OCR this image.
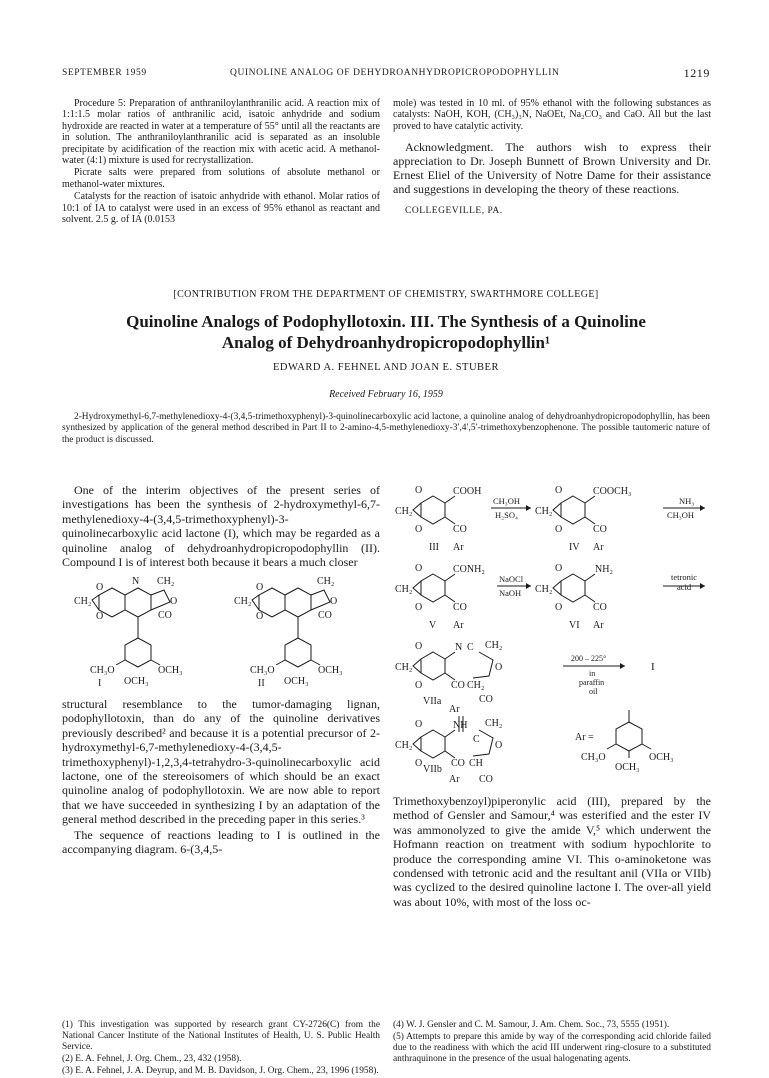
SEPTEMBER 1959	QUINOLINE ANALOG OF DEHYDROANHYDROPICROPODOPHYLLIN	1219

Procedure 5: Preparation of anthraniloylanthranilic acid. A reaction mix of 1:1:1.5 molar ratios of anthranilic acid, isatoic anhydride and sodium hydroxide are reacted in water at a temperature of 55° until all the reactants are in solution. The anthraniloylanthranilic acid is separated as an insoluble precipitate by acidification of the reaction mix with acetic acid. A methanol-water (4:1) mixture is used for recrystallization.

Picrate salts were prepared from solutions of absolute methanol or methanol-water mixtures.

Catalysts for the reaction of isatoic anhydride with ethanol. Molar ratios of 10:1 of IA to catalyst were used in an excess of 95% ethanol as reactant and solvent. 2.5 g. of IA (0.0153

mole) was tested in 10 ml. of 95% ethanol with the following substances as catalysts: NaOH, KOH, (CH₃)₃N, NaOEt, Na₂CO₃ and CaO. All but the last proved to have catalytic activity.

Acknowledgment. The authors wish to express their appreciation to Dr. Joseph Bunnett of Brown University and Dr. Ernest Eliel of the University of Notre Dame for their assistance and suggestions in developing the theory of these reactions.

COLLEGEVILLE, PA.

[CONTRIBUTION FROM THE DEPARTMENT OF CHEMISTRY, SWARTHMORE COLLEGE]
Quinoline Analogs of Podophyllotoxin. III. The Synthesis of a Quinoline
Analog of Dehydroanhydropicropodophyllin¹
EDWARD A. FEHNEL AND JOAN E. STUBER
Received February 16, 1959
2-Hydroxymethyl-6,7-methylenedioxy-4-(3,4,5-trimethoxyphenyl)-3-quinolinecarboxylic acid lactone, a quinoline analog of dehydroanhydropicropodophyllin, has been synthesized by application of the general method described in Part II to 2-amino-4,5-methylenedioxy-3′,4′,5′-trimethoxybenzophenone. The possible tautomeric nature of the product is discussed.

One of the interim objectives of the present series of investigations has been the synthesis of 2-hydroxymethyl-6,7-methylenedioxy-4-(3,4,5-trimethoxyphenyl)-3-quinolinecarboxylic acid lactone (I), which may be regarded as a quinoline analog of dehydroanhydropicropodophyllin (II). Compound I is of interest both because it bears a much closer

O
CH₂
O
N CH₂
O
CO
CH₃O	OCH₃
OCH₃
I
O
CH₂
O
CH₂
O
CO
CH₃O	OCH₃
OCH₃
II

structural resemblance to the tumor-damaging lignan, podophyllotoxin, than do any of the quinoline derivatives previously described² and because it is a potential precursor of 2-hydroxymethyl-6,7-methylenedioxy-4-(3,4,5-trimethoxyphenyl)-1,2,3,4-tetrahydro-3-quinolinecarboxylic acid lactone, one of the stereoisomers of which should be an exact quinoline analog of podophyllotoxin. We are now able to report that we have succeeded in synthesizing I by an adaptation of the general method described in the preceding paper in this series.³

The sequence of reactions leading to I is outlined in the accompanying diagram. 6-(3,4,5-

O
CH₂
O
COOH
CO
Ar
III
CH₃OH
H₂SO₄
O
CH₂
O
COOCH₃
CO
Ar
IV
NH₃
CH₃OH
O
CH₂
O
CONH₂
CO
Ar
V
NaOCl
NaOH
O
CH₂
O
NH₂
CO
Ar
VI
tetronic
acid
O
CH₂
O
N C CH₂
O
CO CH₂
CO
Ar
VIIa
200 – 225°
in
paraffin
oil
I
O
CH₂
O
NH CH₂
C
O
CO CH
CO
Ar
VIIb
Ar =
CH₃O	OCH₃
OCH₃

Trimethoxybenzoyl)piperonylic acid (III), prepared by the method of Gensler and Samour,⁴ was esterified and the ester IV was ammonolyzed to give the amide V,⁵ which underwent the Hofmann reaction on treatment with sodium hypochlorite to produce the corresponding amine VI. This o-aminoketone was condensed with tetronic acid and the resultant anil (VIIa or VIIb) was cyclized to the desired quinoline lactone I. The over-all yield was about 10%, with most of the loss oc-

(1) This investigation was supported by research grant CY-2726(C) from the National Cancer Institute of the National Institutes of Health, U. S. Public Health Service.

(2) E. A. Fehnel, J. Org. Chem., 23, 432 (1958).

(3) E. A. Fehnel, J. A. Deyrup, and M. B. Davidson, J. Org. Chem., 23, 1996 (1958).

(4) W. J. Gensler and C. M. Samour, J. Am. Chem. Soc., 73, 5555 (1951).

(5) Attempts to prepare this amide by way of the corresponding acid chloride failed due to the readiness with which the acid III underwent ring-closure to a substituted anthraquinone in the presence of the usual halogenating agents.
